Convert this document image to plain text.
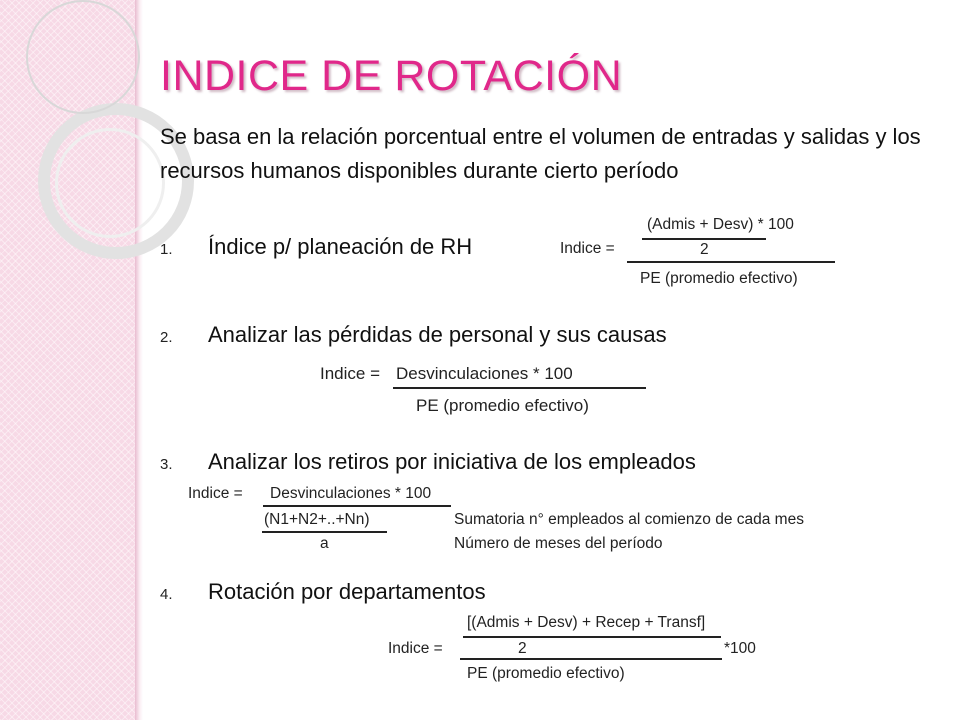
INDICE DE ROTACIÓN
Se basa en la relación porcentual entre el volumen de entradas y salidas y los recursos humanos disponibles durante cierto período
1. Índice p/ planeación de RH
(Admis + Desv) * 100
Indice =	2
PE (promedio efectivo)
2. Analizar las pérdidas de personal y sus causas
Indice = Desvinculaciones * 100
PE (promedio efectivo)
3. Analizar los retiros por iniciativa de los empleados
Indice = Desvinculaciones * 100
(N1+N2+..+Nn)
a
Sumatoria n° empleados al comienzo de cada mes
Número de meses del período
4. Rotación por departamentos
[(Admis + Desv) + Recep + Transf]
Indice =	2	*100
PE (promedio efectivo)
